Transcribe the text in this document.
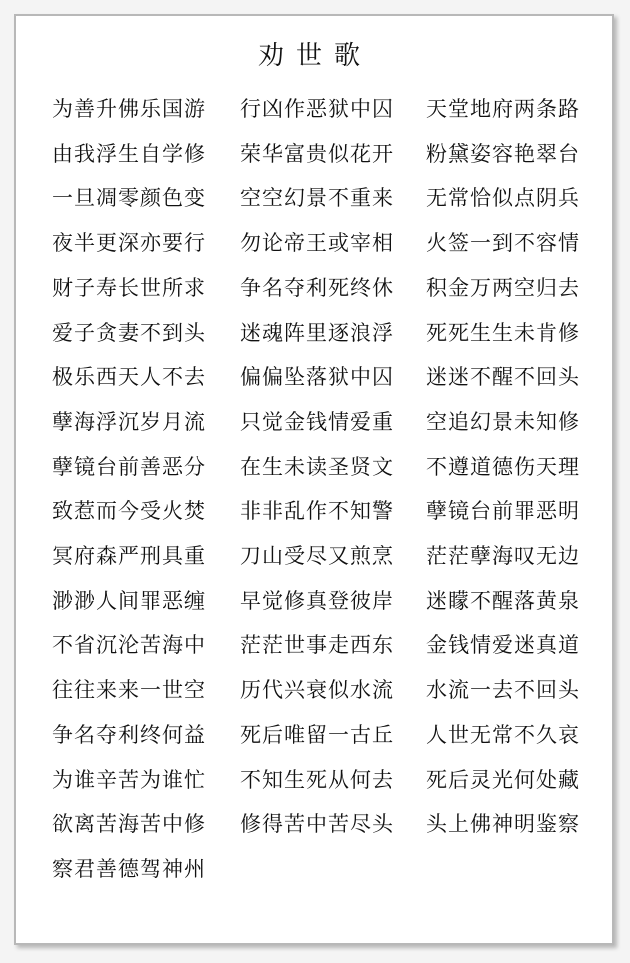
劝世歌
为善升佛乐国游 行凶作恶狱中囚 天堂地府两条路
由我浮生自学修 荣华富贵似花开 粉黛姿容艳翠台
一旦凋零颜色变 空空幻景不重来 无常恰似点阴兵
夜半更深亦要行 勿论帝王或宰相 火签一到不容情
财子寿长世所求 争名夺利死终休 积金万两空归去
爱子贪妻不到头 迷魂阵里逐浪浮 死死生生未肯修
极乐西天人不去 偏偏坠落狱中囚 迷迷不醒不回头
孽海浮沉岁月流 只觉金钱情爱重 空追幻景未知修
孽镜台前善恶分 在生未读圣贤文 不遵道德伤天理
致惹而今受火焚 非非乱作不知警 孽镜台前罪恶明
冥府森严刑具重 刀山受尽又煎烹 茫茫孽海叹无边
渺渺人间罪恶缠 早觉修真登彼岸 迷矇不醒落黄泉
不省沉沦苦海中 茫茫世事走西东 金钱情爱迷真道
往往来来一世空 历代兴衰似水流 水流一去不回头
争名夺利终何益 死后唯留一古丘 人世无常不久哀
为谁辛苦为谁忙 不知生死从何去 死后灵光何处藏
欲离苦海苦中修 修得苦中苦尽头 头上佛神明鉴察
察君善德驾神州
